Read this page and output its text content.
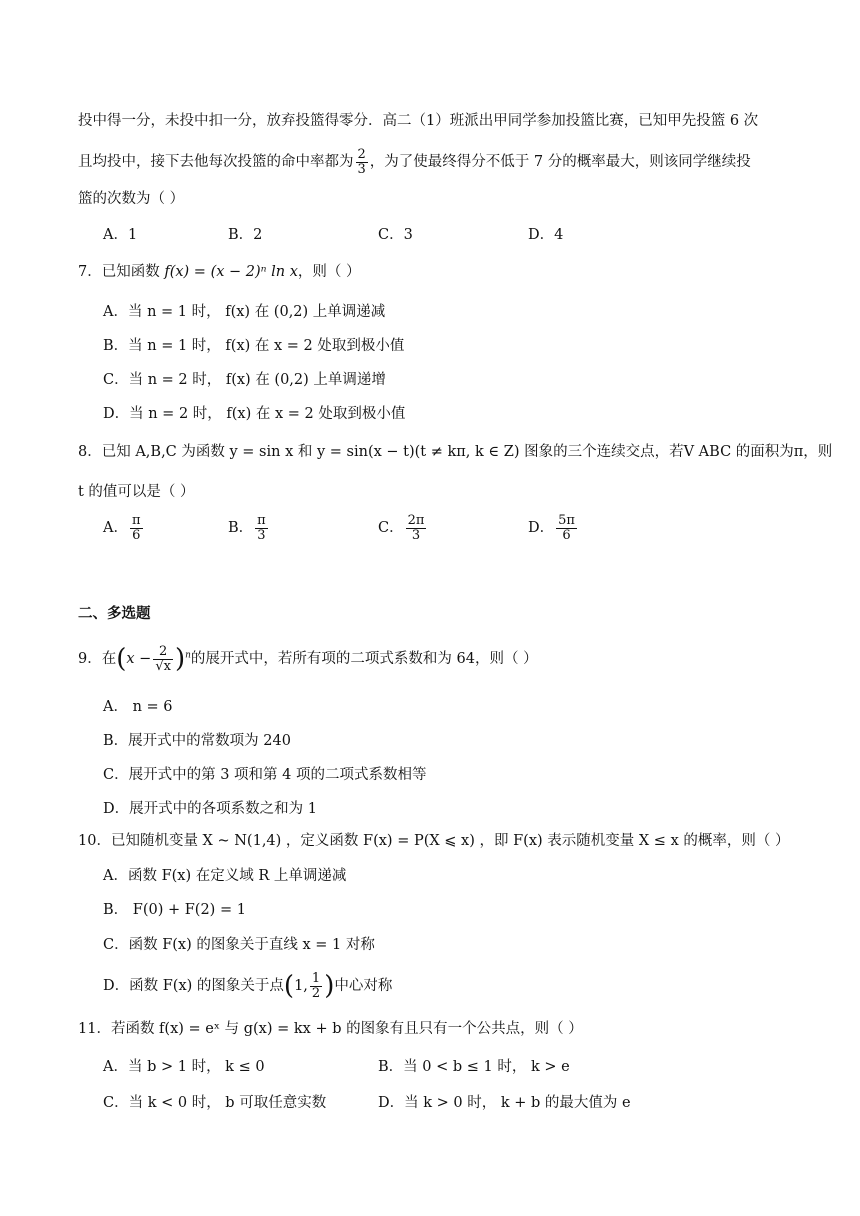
投中得一分，未投中扣一分，放弃投篮得零分．高二（1）班派出甲同学参加投篮比赛，已知甲先投篮 6 次
且均投中，接下去他每次投篮的命中率都为 $\frac{2}{3}$ ，为了使最终得分不低于 7 分的概率最大，则该同学继续投
篮的次数为（ ）
A．1	B．2	C．3	D．4
7．已知函数 f(x) = (x − 2)ⁿ ln x，则（ ）
A．当 n = 1 时， f(x) 在 (0,2) 上单调递减
B．当 n = 1 时， f(x) 在 x = 2 处取到极小值
C．当 n = 2 时， f(x) 在 (0,2) 上单调递增
D．当 n = 2 时， f(x) 在 x = 2 处取到极小值
8．已知 A,B,C 为函数 y = sin x 和 y = sin(x − t)(t ≠ kπ, k ∈ Z) 图象的三个连续交点，若V ABC 的面积为π，则
t 的值可以是（ ）
A． $\frac{\pi}{6}$	B． $\frac{\pi}{3}$	C． $\frac{2\pi}{3}$	D． $\frac{5\pi}{6}$
二、多选题
9．在$(x - \frac{2}{√x} )^n$的展开式中，若所有项的二项式系数和为 64，则（ ）
A． n = 6
B．展开式中的常数项为 240
C．展开式中的第 3 项和第 4 项的二项式系数相等
D．展开式中的各项系数之和为 1
10．已知随机变量 X ~ N(1,4) ，定义函数 F(x) = P(X ⩽ x) ，即 F(x) 表示随机变量 X ≤ x 的概率，则（ ）
A．函数 F(x) 在定义域 R 上单调递减
B． F(0) + F(2) = 1
C．函数 F(x) 的图象关于直线 x = 1 对称
D．函数 F(x) 的图象关于点(1, $\frac{1}{2}$ )中心对称
11．若函数 f(x) = eˣ 与 g(x) = kx + b 的图象有且只有一个公共点，则（ ）
A．当 b > 1 时， k ≤ 0	B．当 0 < b ≤ 1 时， k > e
C．当 k < 0 时， b 可取任意实数	D．当 k > 0 时， k + b 的最大值为 e
